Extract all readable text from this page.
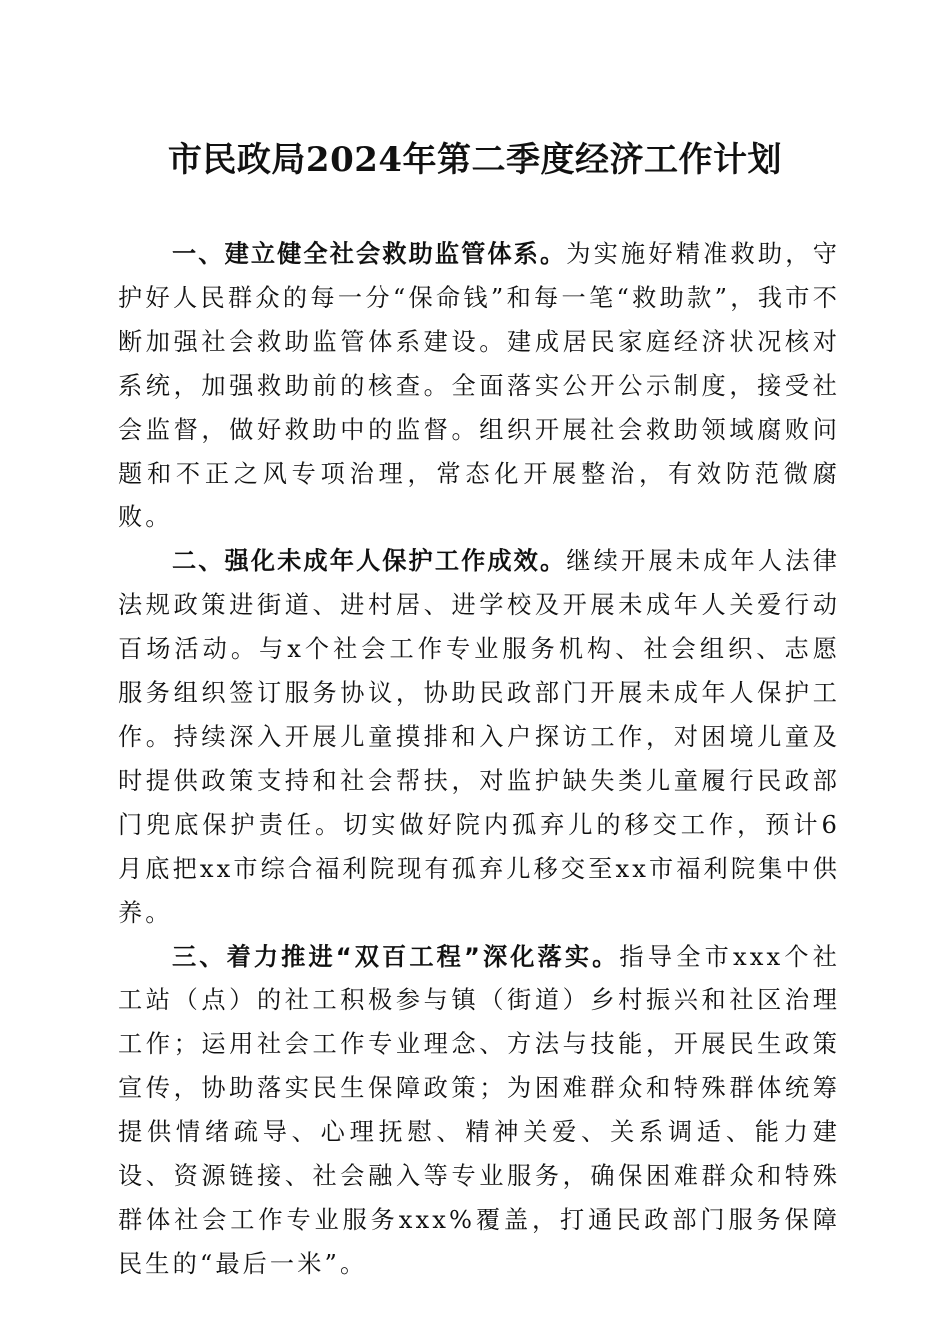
市民政局2024年第二季度经济工作计划

一、建立健全社会救助监管体系。为实施好精准救助，守护好人民群众的每一分“保命钱”和每一笔“救助款”，我市不断加强社会救助监管体系建设。建成居民家庭经济状况核对系统，加强救助前的核查。全面落实公开公示制度，接受社会监督，做好救助中的监督。组织开展社会救助领域腐败问题和不正之风专项治理，常态化开展整治，有效防范微腐败。

二、强化未成年人保护工作成效。继续开展未成年人法律法规政策进街道、进村居、进学校及开展未成年人关爱行动百场活动。与x个社会工作专业服务机构、社会组织、志愿服务组织签订服务协议，协助民政部门开展未成年人保护工作。持续深入开展儿童摸排和入户探访工作，对困境儿童及时提供政策支持和社会帮扶，对监护缺失类儿童履行民政部门兜底保护责任。切实做好院内孤弃儿的移交工作，预计6月底把xx市综合福利院现有孤弃儿移交至xx市福利院集中供养。

三、着力推进“双百工程”深化落实。指导全市xxx个社工站（点）的社工积极参与镇（街道）乡村振兴和社区治理工作；运用社会工作专业理念、方法与技能，开展民生政策宣传，协助落实民生保障政策；为困难群众和特殊群体统筹提供情绪疏导、心理抚慰、精神关爱、关系调适、能力建设、资源链接、社会融入等专业服务，确保困难群众和特殊群体社会工作专业服务xxx%覆盖，打通民政部门服务保障民生的“最后一米”。
